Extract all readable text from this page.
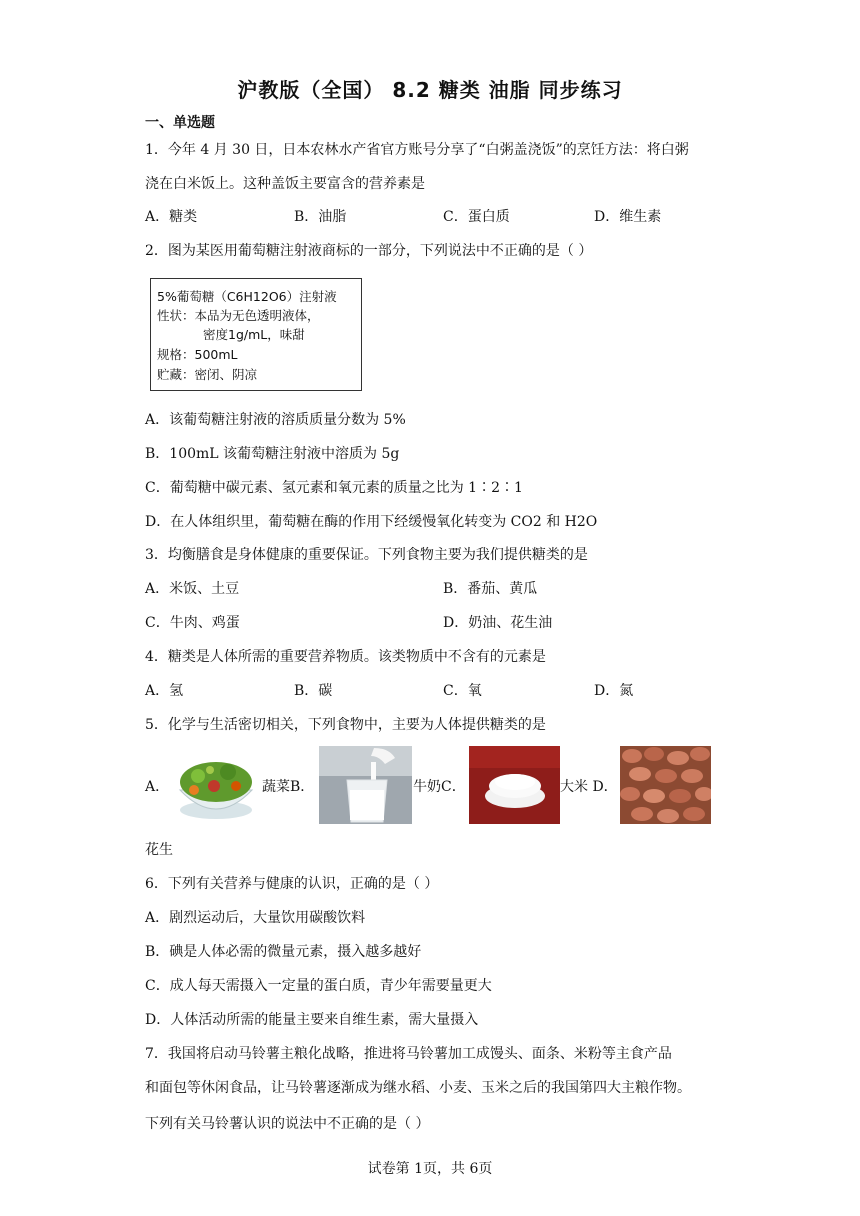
沪教版（全国） 8.2 糖类 油脂 同步练习
一、单选题
1．今年 4 月 30 日，日本农林水产省官方账号分享了“白粥盖浇饭”的烹饪方法：将白粥
浇在白米饭上。这种盖饭主要富含的营养素是
A．糖类	B．油脂	C．蛋白质	D．维生素
2．图为某医用葡萄糖注射液商标的一部分，下列说法中不正确的是（ ）
5%葡萄糖（C6H12O6）注射液
性状：本品为无色透明液体，
密度1g/mL，味甜
规格：500mL
贮藏：密闭、阴凉
A．该葡萄糖注射液的溶质质量分数为 5%
B．100mL 该葡萄糖注射液中溶质为 5g
C．葡萄糖中碳元素、氢元素和氧元素的质量之比为 1∶2∶1
D．在人体组织里，葡萄糖在酶的作用下经缓慢氧化转变为 CO2 和 H2O
3．均衡膳食是身体健康的重要保证。下列食物主要为我们提供糖类的是
A．米饭、土豆	B．番茄、黄瓜
C．牛肉、鸡蛋	D．奶油、花生油
4．糖类是人体所需的重要营养物质。该类物质中不含有的元素是
A．氢	B．碳	C．氧	D．氮
5．化学与生活密切相关，下列食物中，主要为人体提供糖类的是
A．	蔬菜B．	牛奶C．	大米 D．
花生
6．下列有关营养与健康的认识，正确的是（ ）
A．剧烈运动后，大量饮用碳酸饮料
B．碘是人体必需的微量元素，摄入越多越好
C．成人每天需摄入一定量的蛋白质，青少年需要量更大
D．人体活动所需的能量主要来自维生素，需大量摄入
7．我国将启动马铃薯主粮化战略，推进将马铃薯加工成馒头、面条、米粉等主食产品
和面包等休闲食品，让马铃薯逐渐成为继水稻、小麦、玉米之后的我国第四大主粮作物。
下列有关马铃薯认识的说法中不正确的是（ ）
试卷第 1页，共 6页
